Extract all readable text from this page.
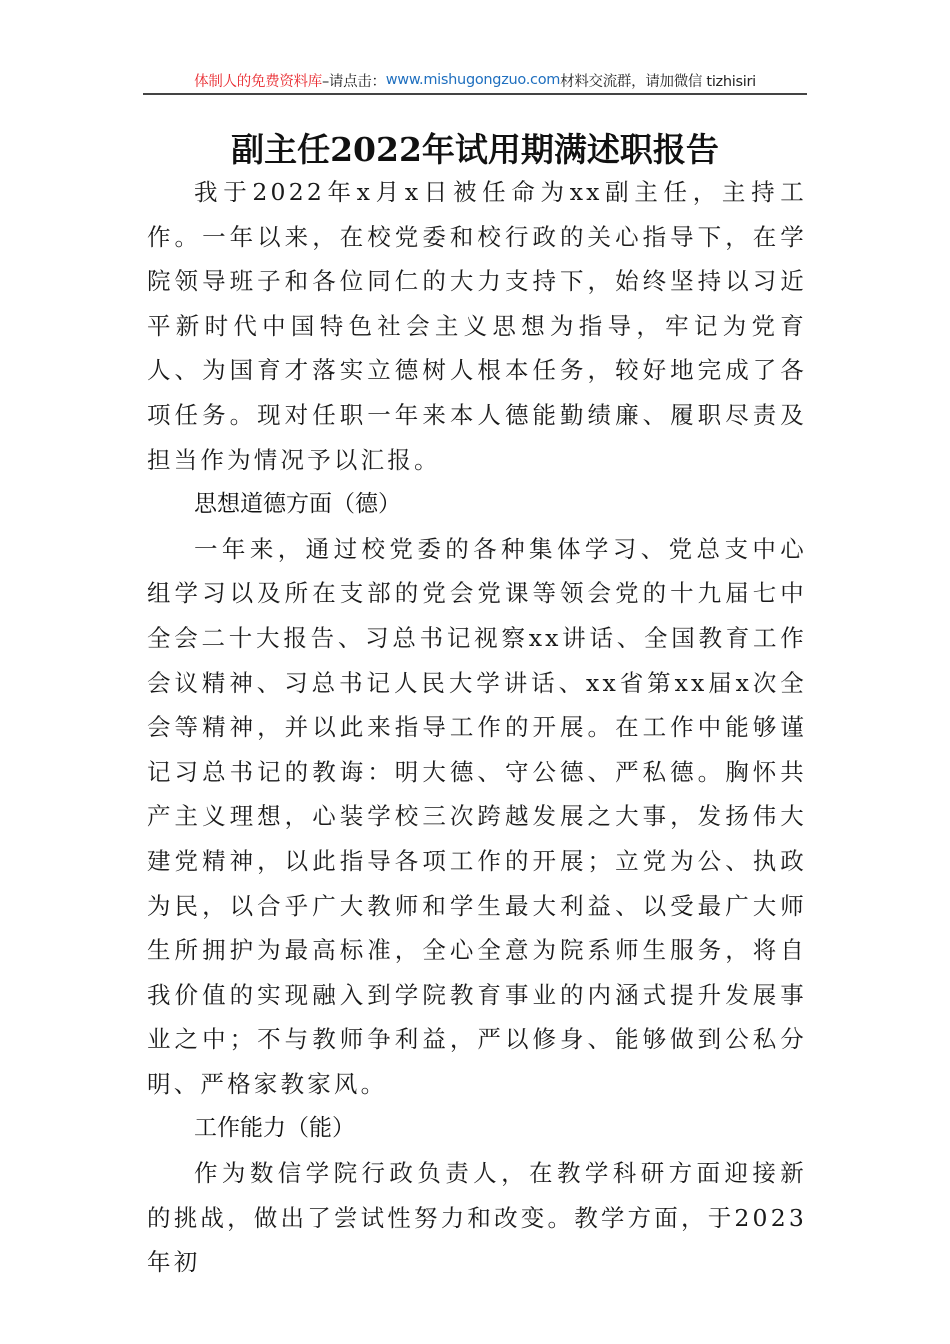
体制人的免费资料库 –请点击： www.mishugongzuo.com 材料交流群，请加微信 tizhisiri
副主任2022年试用期满述职报告

我于2022年x月x日被任命为xx副主任，主持工作。一年以来，在校党委和校行政的关心指导下，在学院领导班子和各位同仁的大力支持下，始终坚持以习近平新时代中国特色社会主义思想为指导，牢记为党育人、为国育才落实立德树人根本任务，较好地完成了各项任务。现对任职一年来本人德能勤绩廉、履职尽责及担当作为情况予以汇报。

思想道德方面（德）

一年来，通过校党委的各种集体学习、党总支中心组学习以及所在支部的党会党课等领会党的十九届七中全会二十大报告、习总书记视察xx讲话、全国教育工作会议精神、习总书记人民大学讲话、xx省第xx届x次全会等精神，并以此来指导工作的开展。在工作中能够谨记习总书记的教诲：明大德、守公德、严私德。胸怀共产主义理想，心装学校三次跨越发展之大事，发扬伟大建党精神，以此指导各项工作的开展；立党为公、执政为民，以合乎广大教师和学生最大利益、以受最广大师生所拥护为最高标准，全心全意为院系师生服务，将自我价值的实现融入到学院教育事业的内涵式提升发展事业之中；不与教师争利益，严以修身、能够做到公私分明、严格家教家风。

工作能力（能）

作为数信学院行政负责人，在教学科研方面迎接新的挑战，做出了尝试性努力和改变。教学方面，于2023年初
